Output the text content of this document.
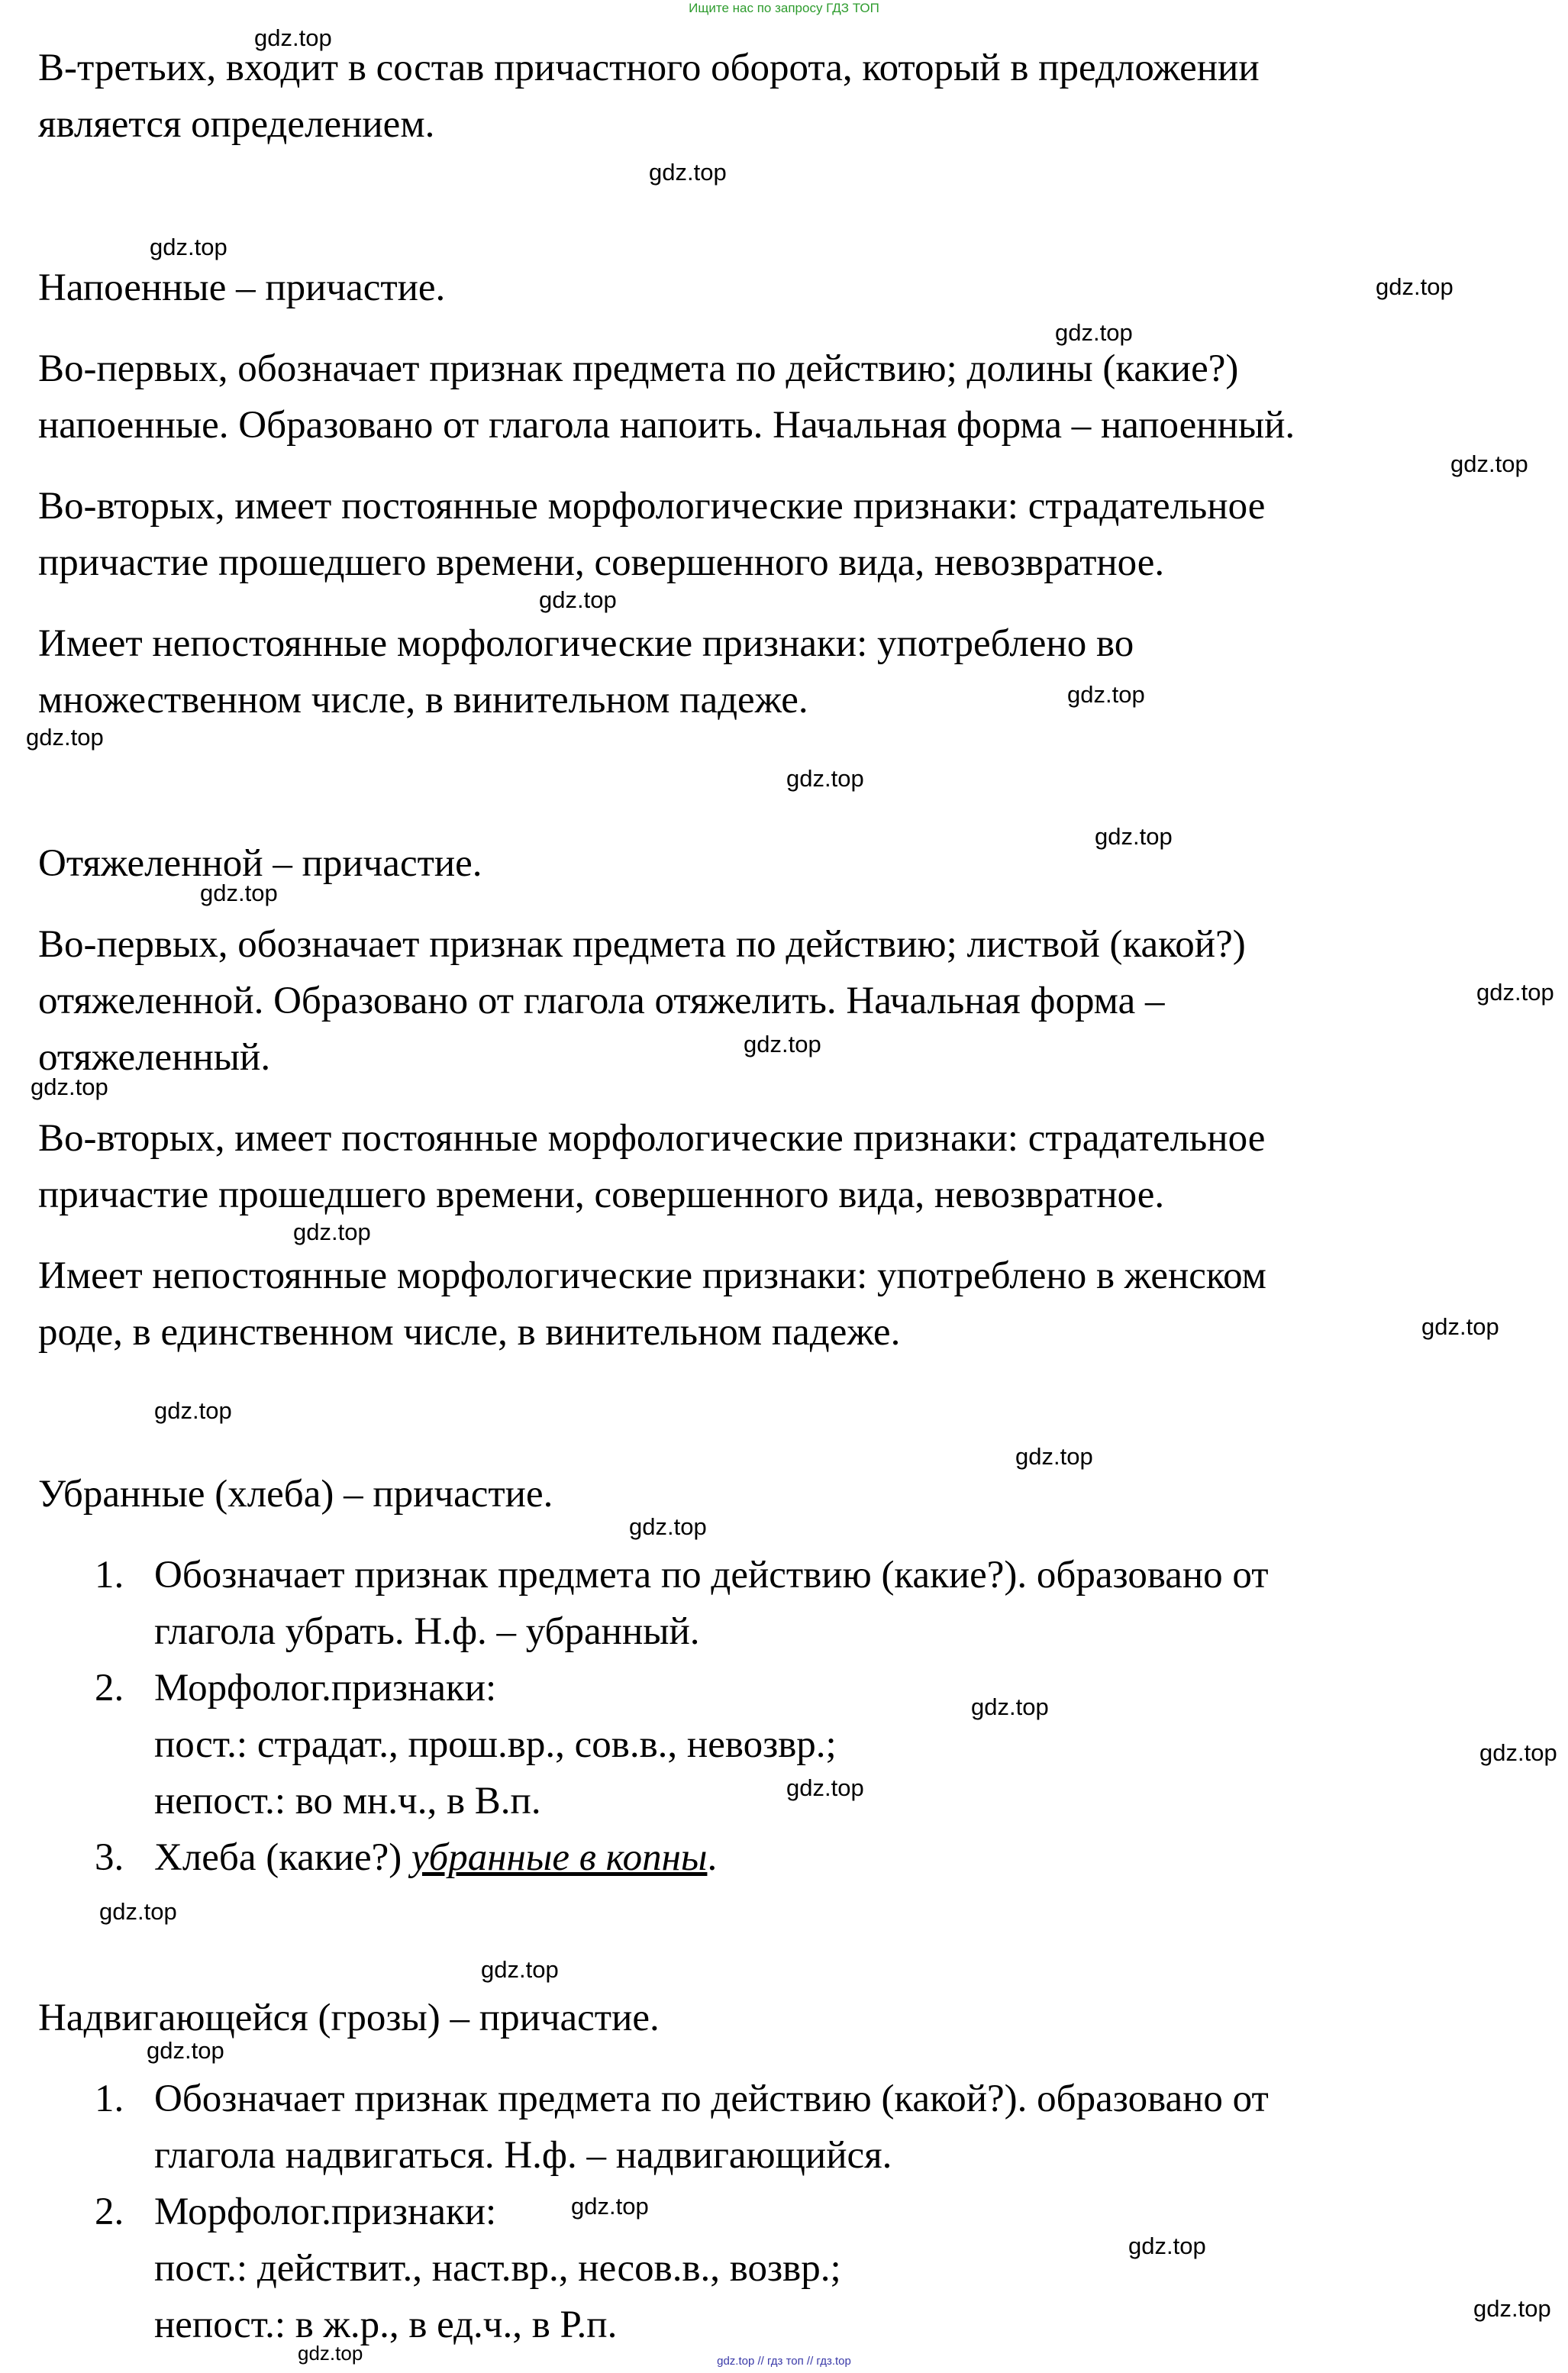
Ищите нас по запросу ГДЗ ТОП
В-третьих, входит в состав причастного оборота, который в предложении
является определением.
Напоенные – причастие.
Во-первых, обозначает признак предмета по действию; долины (какие?)
напоенные. Образовано от глагола напоить. Начальная форма – напоенный.
Во-вторых, имеет постоянные морфологические признаки: страдательное
причастие прошедшего времени, совершенного вида, невозвратное.
Имеет непостоянные морфологические признаки: употреблено во
множественном числе, в винительном падеже.
Отяжеленной – причастие.
Во-первых, обозначает признак предмета по действию; листвой (какой?)
отяжеленной. Образовано от глагола отяжелить. Начальная форма –
отяжеленный.
Во-вторых, имеет постоянные морфологические признаки: страдательное
причастие прошедшего времени, совершенного вида, невозвратное.
Имеет непостоянные морфологические признаки: употреблено в женском
роде, в единственном числе, в винительном падеже.
Убранные (хлеба) – причастие.
1. Обозначает признак предмета по действию (какие?). образовано от
глагола убрать. Н.ф. – убранный.
2. Морфолог.признаки:
пост.: страдат., прош.вр., сов.в., невозвр.;
непост.: во мн.ч., в В.п.
3. Хлеба (какие?) убранные в копны.
Надвигающейся (грозы) – причастие.
1. Обозначает признак предмета по действию (какой?). образовано от
глагола надвигаться. Н.ф. – надвигающийся.
2. Морфолог.признаки:
пост.: действит., наст.вр., несов.в., возвр.;
непост.: в ж.р., в ед.ч., в Р.п.
gdz.top
gdz.top
gdz.top
gdz.top
gdz.top
gdz.top
gdz.top
gdz.top
gdz.top
gdz.top
gdz.top
gdz.top
gdz.top
gdz.top
gdz.top
gdz.top
gdz.top
gdz.top
gdz.top
gdz.top
gdz.top
gdz.top
gdz.top
gdz.top
gdz.top
gdz.top
gdz.top
gdz.top
gdz.top
gdz.top	gdz.top // гдз топ // гдз.top
